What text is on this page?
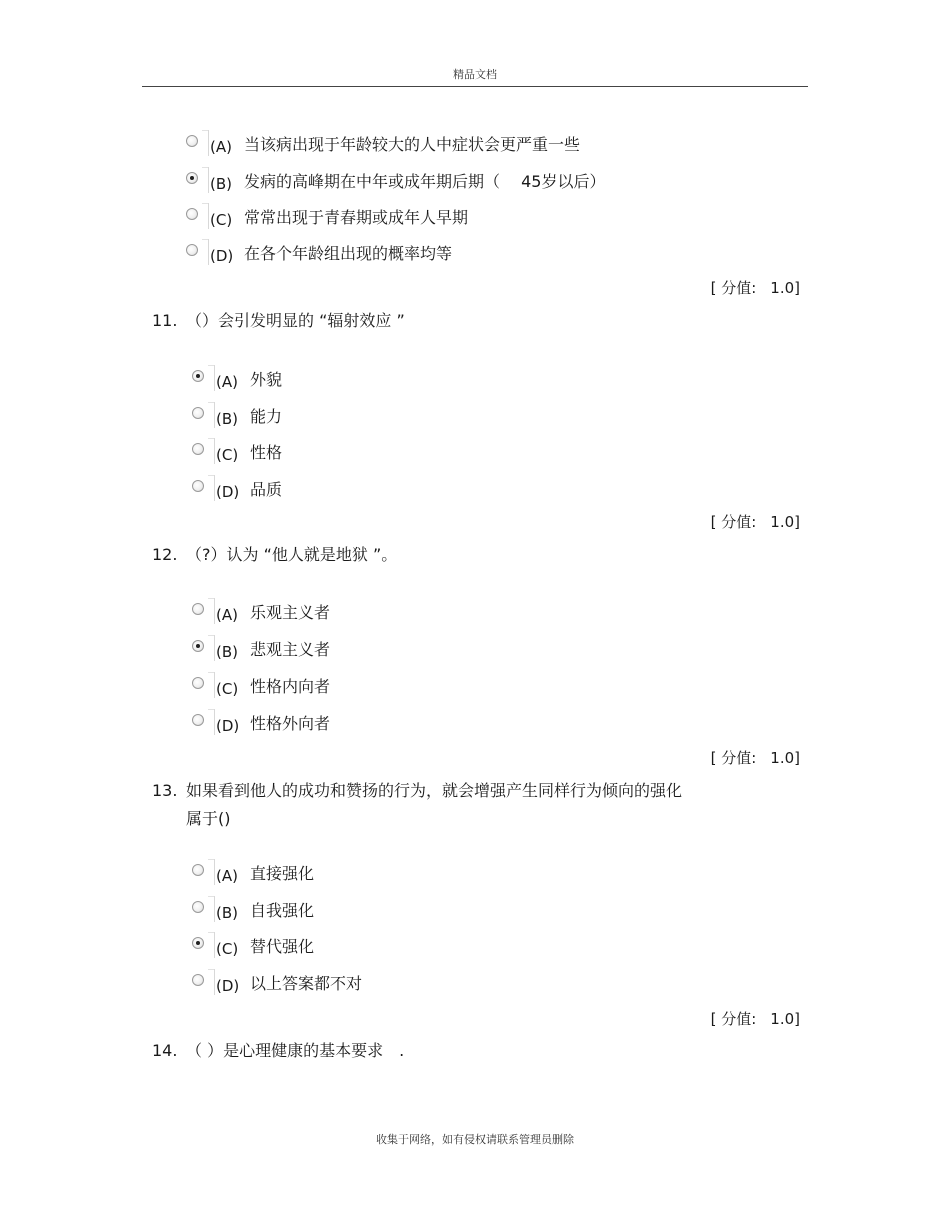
精品文档
(A) 当该病出现于年龄较大的人中症状会更严重一些
(B) 发病的高峰期在中年或成年期后期（　 45岁以后）
(C) 常常出现于青春期或成年人早期
(D) 在各个年龄组出现的概率均等
[ 分值: 1.0]
11. （）会引发明显的 “辐射效应 ”
(A) 外貌
(B) 能力
(C) 性格
(D) 品质
[ 分值: 1.0]
12. （?）认为 “他人就是地狱 ”。
(A) 乐观主义者
(B) 悲观主义者
(C) 性格内向者
(D) 性格外向者
[ 分值: 1.0]
13. 如果看到他人的成功和赞扬的行为，就会增强产生同样行为倾向的强化
属于()
(A) 直接强化
(B) 自我强化
(C) 替代强化
(D) 以上答案都不对
[ 分值: 1.0]
14. （ ）是心理健康的基本要求　.
收集于网络，如有侵权请联系管理员删除
